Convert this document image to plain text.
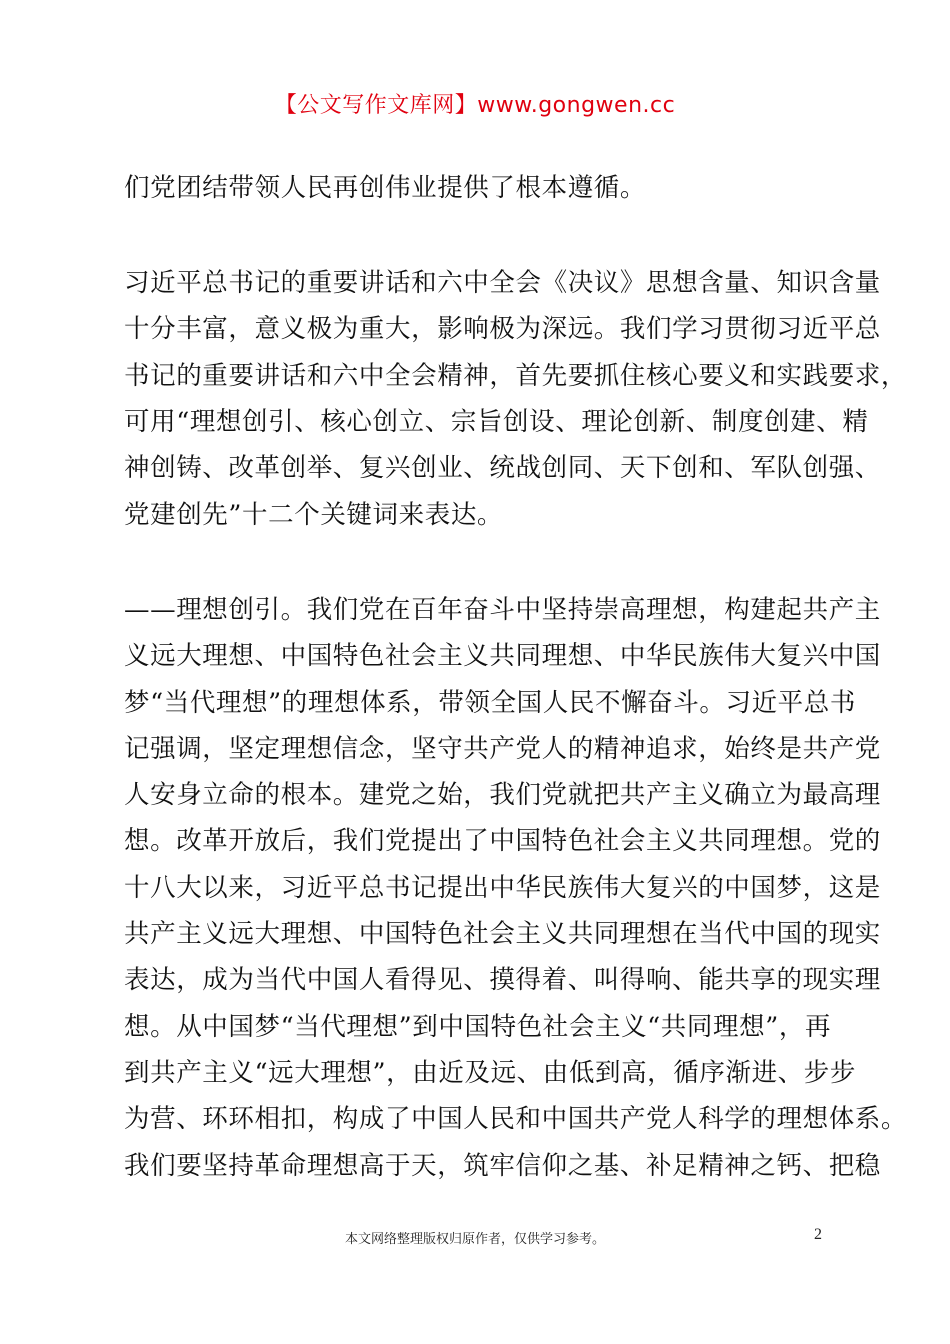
【公文写作文库网】www.gongwen.cc
们党团结带领人民再创伟业提供了根本遵循。
习近平总书记的重要讲话和六中全会《决议》思想含量、知识含量
十分丰富，意义极为重大，影响极为深远。我们学习贯彻习近平总
书记的重要讲话和六中全会精神，首先要抓住核心要义和实践要求，
可用“理想创引、核心创立、宗旨创设、理论创新、制度创建、精
神创铸、改革创举、复兴创业、统战创同、天下创和、军队创强、
党建创先”十二个关键词来表达。
——理想创引。我们党在百年奋斗中坚持崇高理想，构建起共产主
义远大理想、中国特色社会主义共同理想、中华民族伟大复兴中国
梦“当代理想”的理想体系，带领全国人民不懈奋斗。习近平总书
记强调，坚定理想信念，坚守共产党人的精神追求，始终是共产党
人安身立命的根本。建党之始，我们党就把共产主义确立为最高理
想。改革开放后，我们党提出了中国特色社会主义共同理想。党的
十八大以来，习近平总书记提出中华民族伟大复兴的中国梦，这是
共产主义远大理想、中国特色社会主义共同理想在当代中国的现实
表达，成为当代中国人看得见、摸得着、叫得响、能共享的现实理
想。从中国梦“当代理想”到中国特色社会主义“共同理想”，再
到共产主义“远大理想”，由近及远、由低到高，循序渐进、步步
为营、环环相扣，构成了中国人民和中国共产党人科学的理想体系。
我们要坚持革命理想高于天，筑牢信仰之基、补足精神之钙、把稳
本文网络整理版权归原作者，仅供学习参考。	2
